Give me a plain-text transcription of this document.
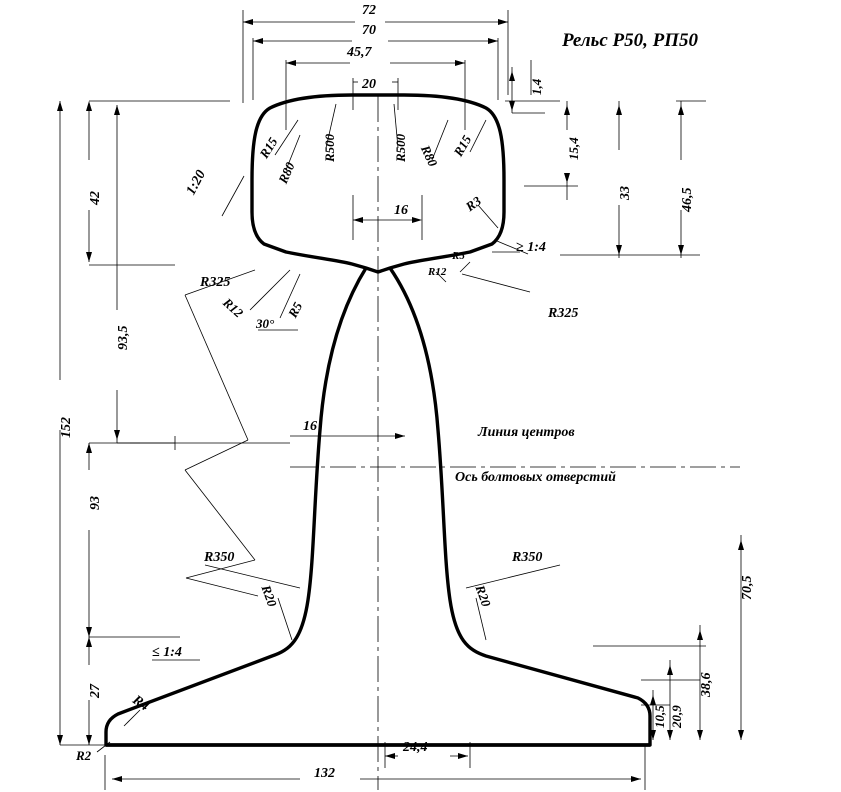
Рельс Р50, РП50
72
70
45,7
20	1,4
15,4
33	46,5
42
93,5
152
93
27
70,5
38,6
20,9
10,5
16
16
132
24,4
R15	R500	R500 R80 R15
R80
R3
R325
R12	R5
R5
R12
R325
R350
R20	R20
R350
R4
R2
1:20
≥ 1:4
≤ 1:4
30°
Линия центров
Ось болтовых отверстий
